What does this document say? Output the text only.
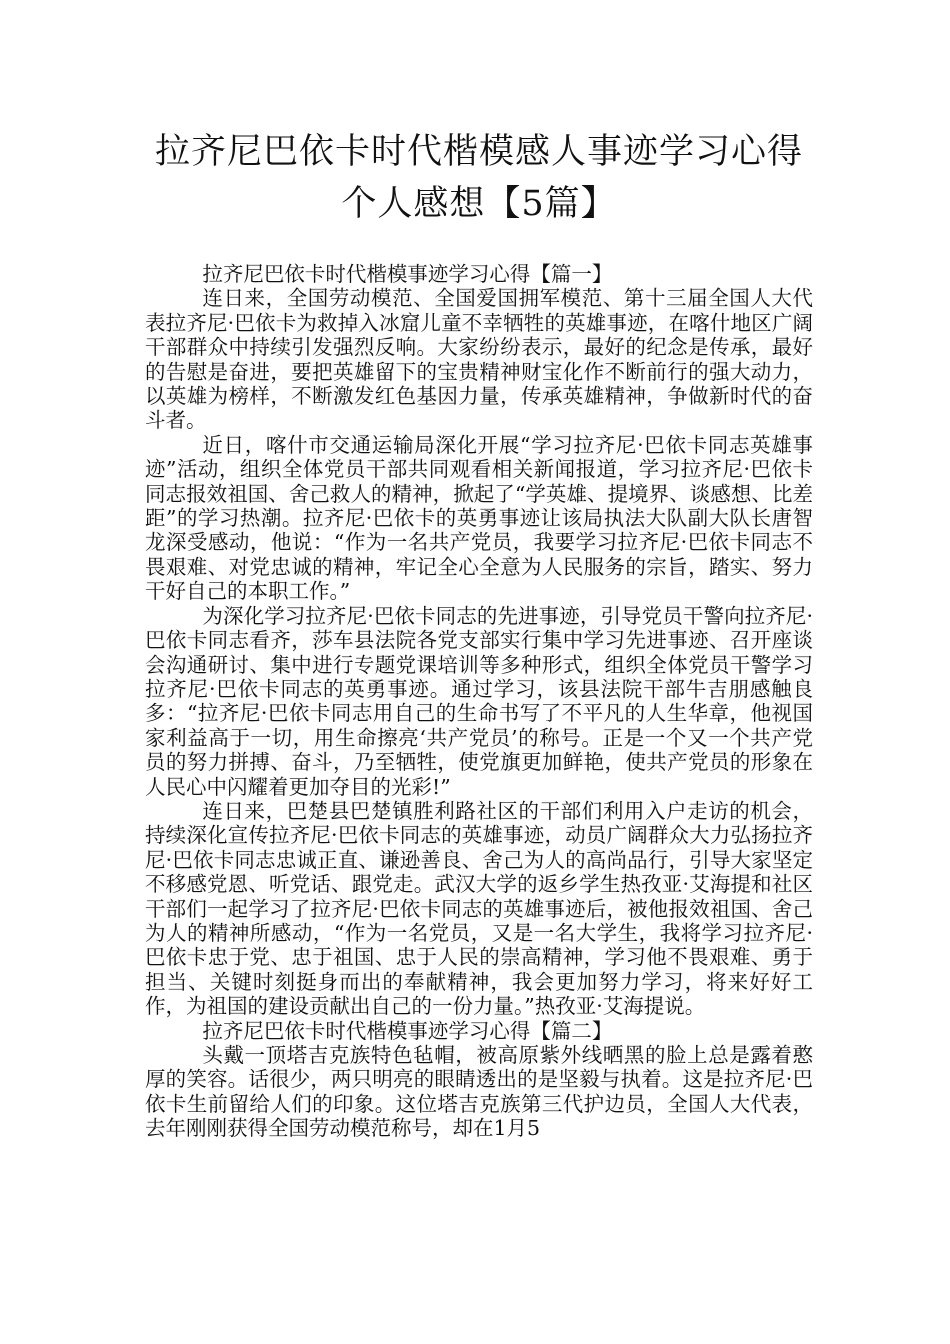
拉齐尼巴依卡时代楷模感人事迹学习心得
个人感想【5篇】

拉齐尼巴依卡时代楷模事迹学习心得【篇一】

连日来，全国劳动模范、全国爱国拥军模范、第十三届全国人大代表拉齐尼·巴依卡为救掉入冰窟儿童不幸牺牲的英雄事迹，在喀什地区广阔干部群众中持续引发强烈反响。大家纷纷表示，最好的纪念是传承，最好的告慰是奋进，要把英雄留下的宝贵精神财宝化作不断前行的强大动力，以英雄为榜样，不断激发红色基因力量，传承英雄精神，争做新时代的奋斗者。

近日，喀什市交通运输局深化开展“学习拉齐尼·巴依卡同志英雄事迹”活动，组织全体党员干部共同观看相关新闻报道，学习拉齐尼·巴依卡同志报效祖国、舍己救人的精神，掀起了“学英雄、提境界、谈感想、比差距”的学习热潮。拉齐尼·巴依卡的英勇事迹让该局执法大队副大队长唐智龙深受感动，他说：“作为一名共产党员，我要学习拉齐尼·巴依卡同志不畏艰难、对党忠诚的精神，牢记全心全意为人民服务的宗旨，踏实、努力干好自己的本职工作。”

为深化学习拉齐尼·巴依卡同志的先进事迹，引导党员干警向拉齐尼·巴依卡同志看齐，莎车县法院各党支部实行集中学习先进事迹、召开座谈会沟通研讨、集中进行专题党课培训等多种形式，组织全体党员干警学习拉齐尼·巴依卡同志的英勇事迹。通过学习，该县法院干部牛吉朋感触良多：“拉齐尼·巴依卡同志用自己的生命书写了不平凡的人生华章，他视国家利益高于一切，用生命擦亮‘共产党员’的称号。正是一个又一个共产党员的努力拼搏、奋斗，乃至牺牲，使党旗更加鲜艳，使共产党员的形象在人民心中闪耀着更加夺目的光彩!”

连日来，巴楚县巴楚镇胜利路社区的干部们利用入户走访的机会，持续深化宣传拉齐尼·巴依卡同志的英雄事迹，动员广阔群众大力弘扬拉齐尼·巴依卡同志忠诚正直、谦逊善良、舍己为人的高尚品行，引导大家坚定不移感党恩、听党话、跟党走。武汉大学的返乡学生热孜亚·艾海提和社区干部们一起学习了拉齐尼·巴依卡同志的英雄事迹后，被他报效祖国、舍己为人的精神所感动，“作为一名党员，又是一名大学生，我将学习拉齐尼·巴依卡忠于党、忠于祖国、忠于人民的崇高精神，学习他不畏艰难、勇于担当、关键时刻挺身而出的奉献精神，我会更加努力学习，将来好好工作，为祖国的建设贡献出自己的一份力量。”热孜亚·艾海提说。

拉齐尼巴依卡时代楷模事迹学习心得【篇二】

头戴一顶塔吉克族特色毡帽，被高原紫外线晒黑的脸上总是露着憨厚的笑容。话很少，两只明亮的眼睛透出的是坚毅与执着。这是拉齐尼·巴依卡生前留给人们的印象。这位塔吉克族第三代护边员，全国人大代表，去年刚刚获得全国劳动模范称号，却在1月5
